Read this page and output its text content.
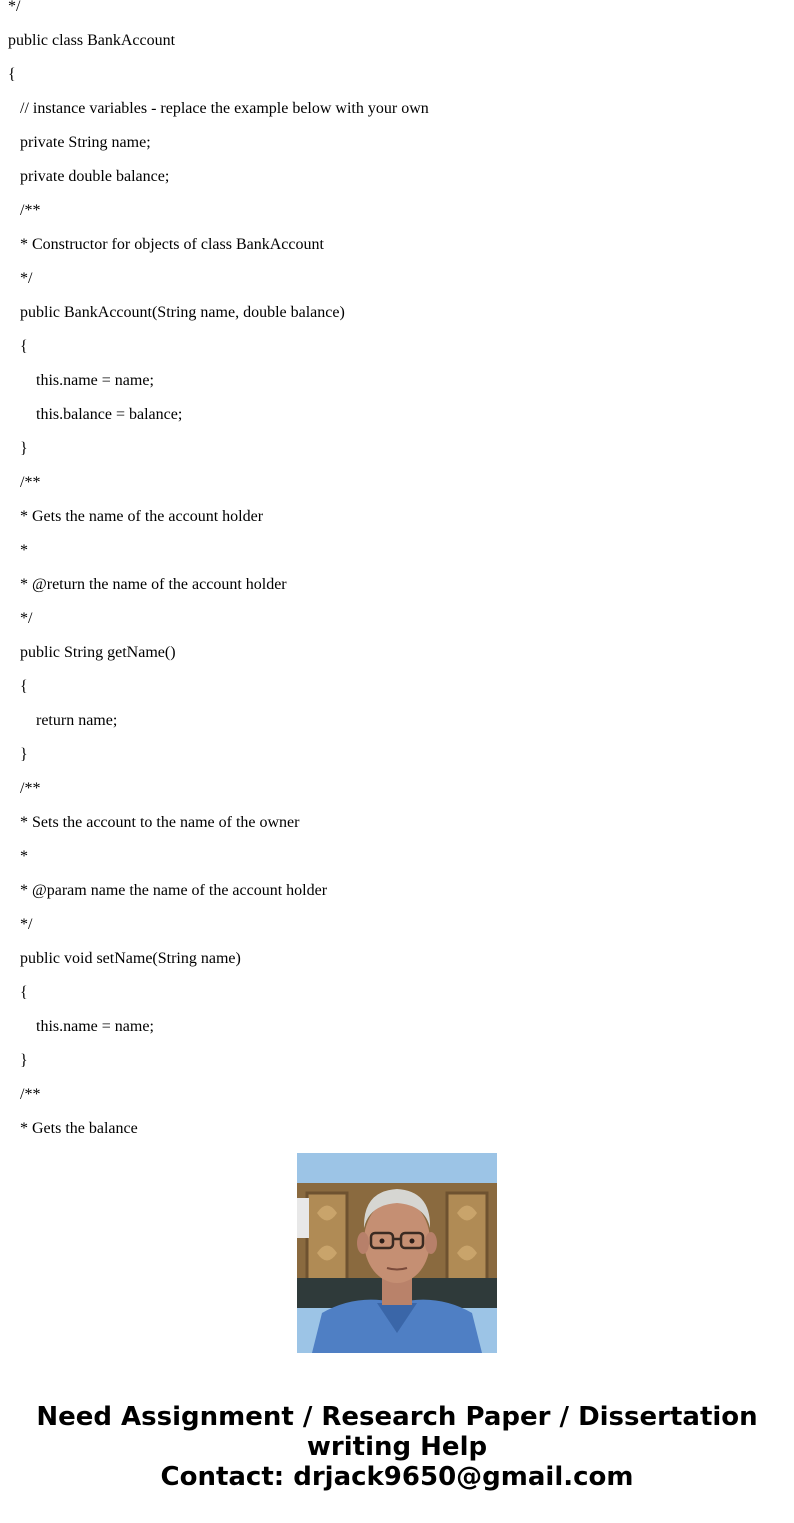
*/

public class BankAccount

{

// instance variables - replace the example below with your own

private String name;

private double balance;

/**

* Constructor for objects of class BankAccount

*/

public BankAccount(String name, double balance)

{

this.name = name;

this.balance = balance;

}

/**

* Gets the name of the account holder

*

* @return the name of the account holder

*/

public String getName()

{

return name;

}

/**

* Sets the account to the name of the owner

*

* @param name the name of the account holder

*/

public void setName(String name)

{

this.name = name;

}

/**

* Gets the balance

Need Assignment / Research Paper / Dissertation
writing Help
Contact: drjack9650@gmail.com
